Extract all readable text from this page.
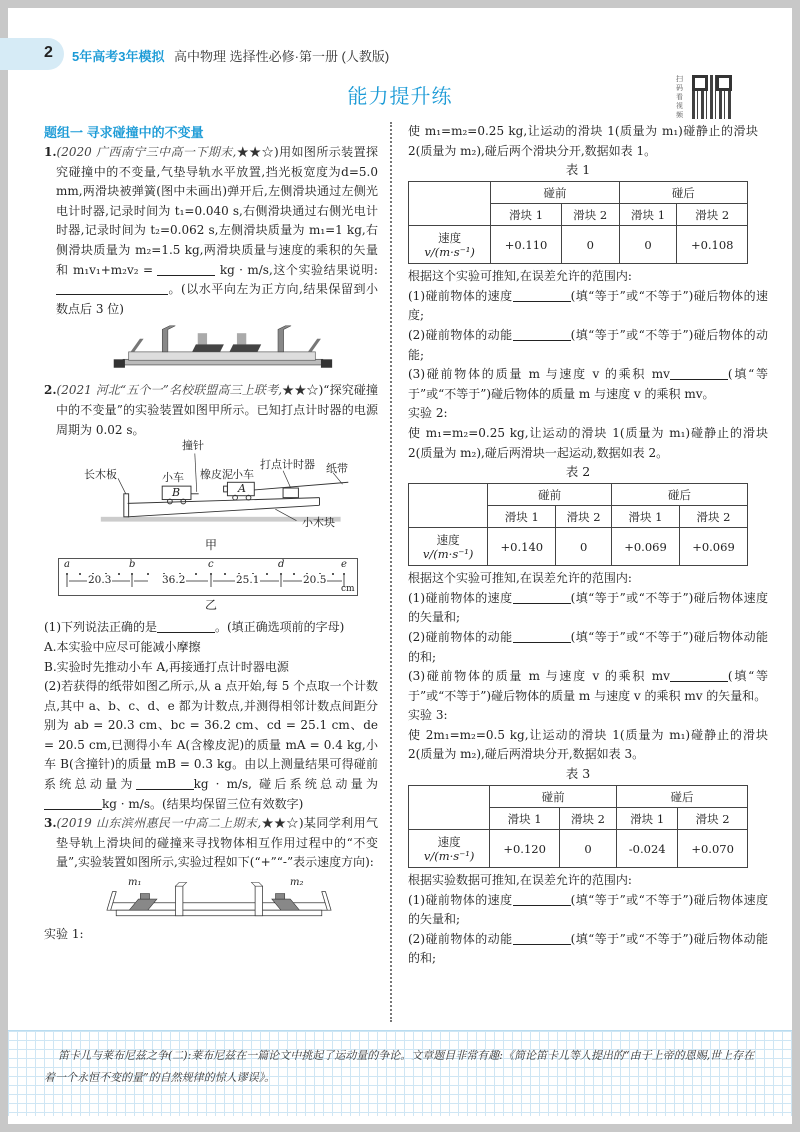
2 5年高考3年模拟 高中物理 选择性必修·第一册 (人教版)
能力提升练
扫码看视频
题组一 寻求碰撞中的不变量
1.(2020 广西南宁三中高一下期末,★★☆)用如图所示装置探究碰撞中的不变量,气垫导轨水平放置,挡光板宽度为d=5.0 mm,两滑块被弹簧(图中未画出)弹开后,左侧滑块通过左侧光电计时器,记录时间为 t₁=0.040 s,右侧滑块通过右侧光电计时器,记录时间为 t₂=0.062 s,左侧滑块质量为 m₁=1 kg,右侧滑块质量为 m₂=1.5 kg,两滑块质量与速度的乘积的矢量和 m₁v₁+m₂v₂ =	kg · m/s,这个实验结果说明: 。(以水平向左为正方向,结果保留到小数点后 3 位)
2.(2021 河北“五个一”名校联盟高三上联考,★★☆)“探究碰撞中的不变量”的实验装置如图甲所示。已知打点计时器的电源周期为 0.02 s。
撞针
长木板	小车
B
橡皮泥 小车
A
打点计时器 纸带
小木块
甲
a	b	c	d	e
20.3	36.2	25.1	20.5
cm
乙
(1)下列说法正确的是	。(填正确选项前的字母)
A.本实验中应尽可能减小摩擦
B.实验时先推动小车 A,再接通打点计时器电源
(2)若获得的纸带如图乙所示,从 a 点开始,每 5 个点取一个计数点,其中 a、b、c、d、e 都为计数点,并测得相邻计数点间距分别为 ab = 20.3 cm、bc = 36.2 cm、cd = 25.1 cm、de = 20.5 cm,已测得小车 A(含橡皮泥)的质量 mA = 0.4 kg,小车 B(含撞针)的质量 mB = 0.3 kg。由以上测量结果可得碰前系统总动量为	kg · m/s, 碰后系统总动量为kg · m/s。(结果均保留三位有效数字)
3.(2019 山东滨州惠民一中高二上期末,★★☆)某同学利用气垫导轨上滑块间的碰撞来寻找物体相互作用过程中的“不变量”,实验装置如图所示,实验过程如下(“+”“-”表示速度方向):
m₁	m₂
实验 1:
使 m₁=m₂=0.25 kg,让运动的滑块 1(质量为 m₁)碰静止的滑块 2(质量为 m₂),碰后两个滑块分开,数据如表 1。
表 1
	碰前		碰后	
	滑块 1	滑块 2	滑块 1	滑块 2

速度
v/(m·s⁻¹)	+0.110	0	0	+0.108
根据这个实验可推知,在误差允许的范围内:
(1)碰前物体的速度	(填“等于”或“不等于”)碰后物体的速度;
(2)碰前物体的动能	(填“等于”或“不等于”)碰后物体的动能;
(3)碰前物体的质量 m 与速度 v 的乘积 mv	(填“等于”或“不等于”)碰后物体的质量 m 与速度 v 的乘积 mv。
实验 2:
使 m₁=m₂=0.25 kg,让运动的滑块 1(质量为 m₁)碰静止的滑块 2(质量为 m₂),碰后两滑块一起运动,数据如表 2。
表 2
	碰前		碰后	
	滑块 1	滑块 2	滑块 1	滑块 2

速度
v/(m·s⁻¹)	+0.140	0	+0.069	+0.069
根据这个实验可推知,在误差允许的范围内:
(1)碰前物体的速度	(填“等于”或“不等于”)碰后物体速度的矢量和;
(2)碰前物体的动能	(填“等于”或“不等于”)碰后物体动能的和;
(3)碰前物体的质量 m 与速度 v 的乘积 mv	(填“等于”或“不等于”)碰后物体的质量 m 与速度 v 的乘积 mv 的矢量和。
实验 3:
使 2m₁=m₂=0.5 kg,让运动的滑块 1(质量为 m₁)碰静止的滑块 2(质量为 m₂),碰后两滑块分开,数据如表 3。
表 3
	碰前		碰后	
	滑块 1	滑块 2	滑块 1	滑块 2

速度
v/(m·s⁻¹)	+0.120	0	-0.024	+0.070
根据实验数据可推知,在误差允许的范围内:
(1)碰前物体的速度	(填“等于”或“不等于”)碰后物体速度的矢量和;
(2)碰前物体的动能	(填“等于”或“不等于”)碰后物体动能的和;
笛卡儿与莱布尼兹之争(二):莱布尼兹在一篇论文中挑起了运动量的争论。文章题目非常有趣:《简论笛卡儿等人提出的“由于上帝的恩赐,世上存在着一个永恒不变的量”的自然规律的惊人谬误》。
